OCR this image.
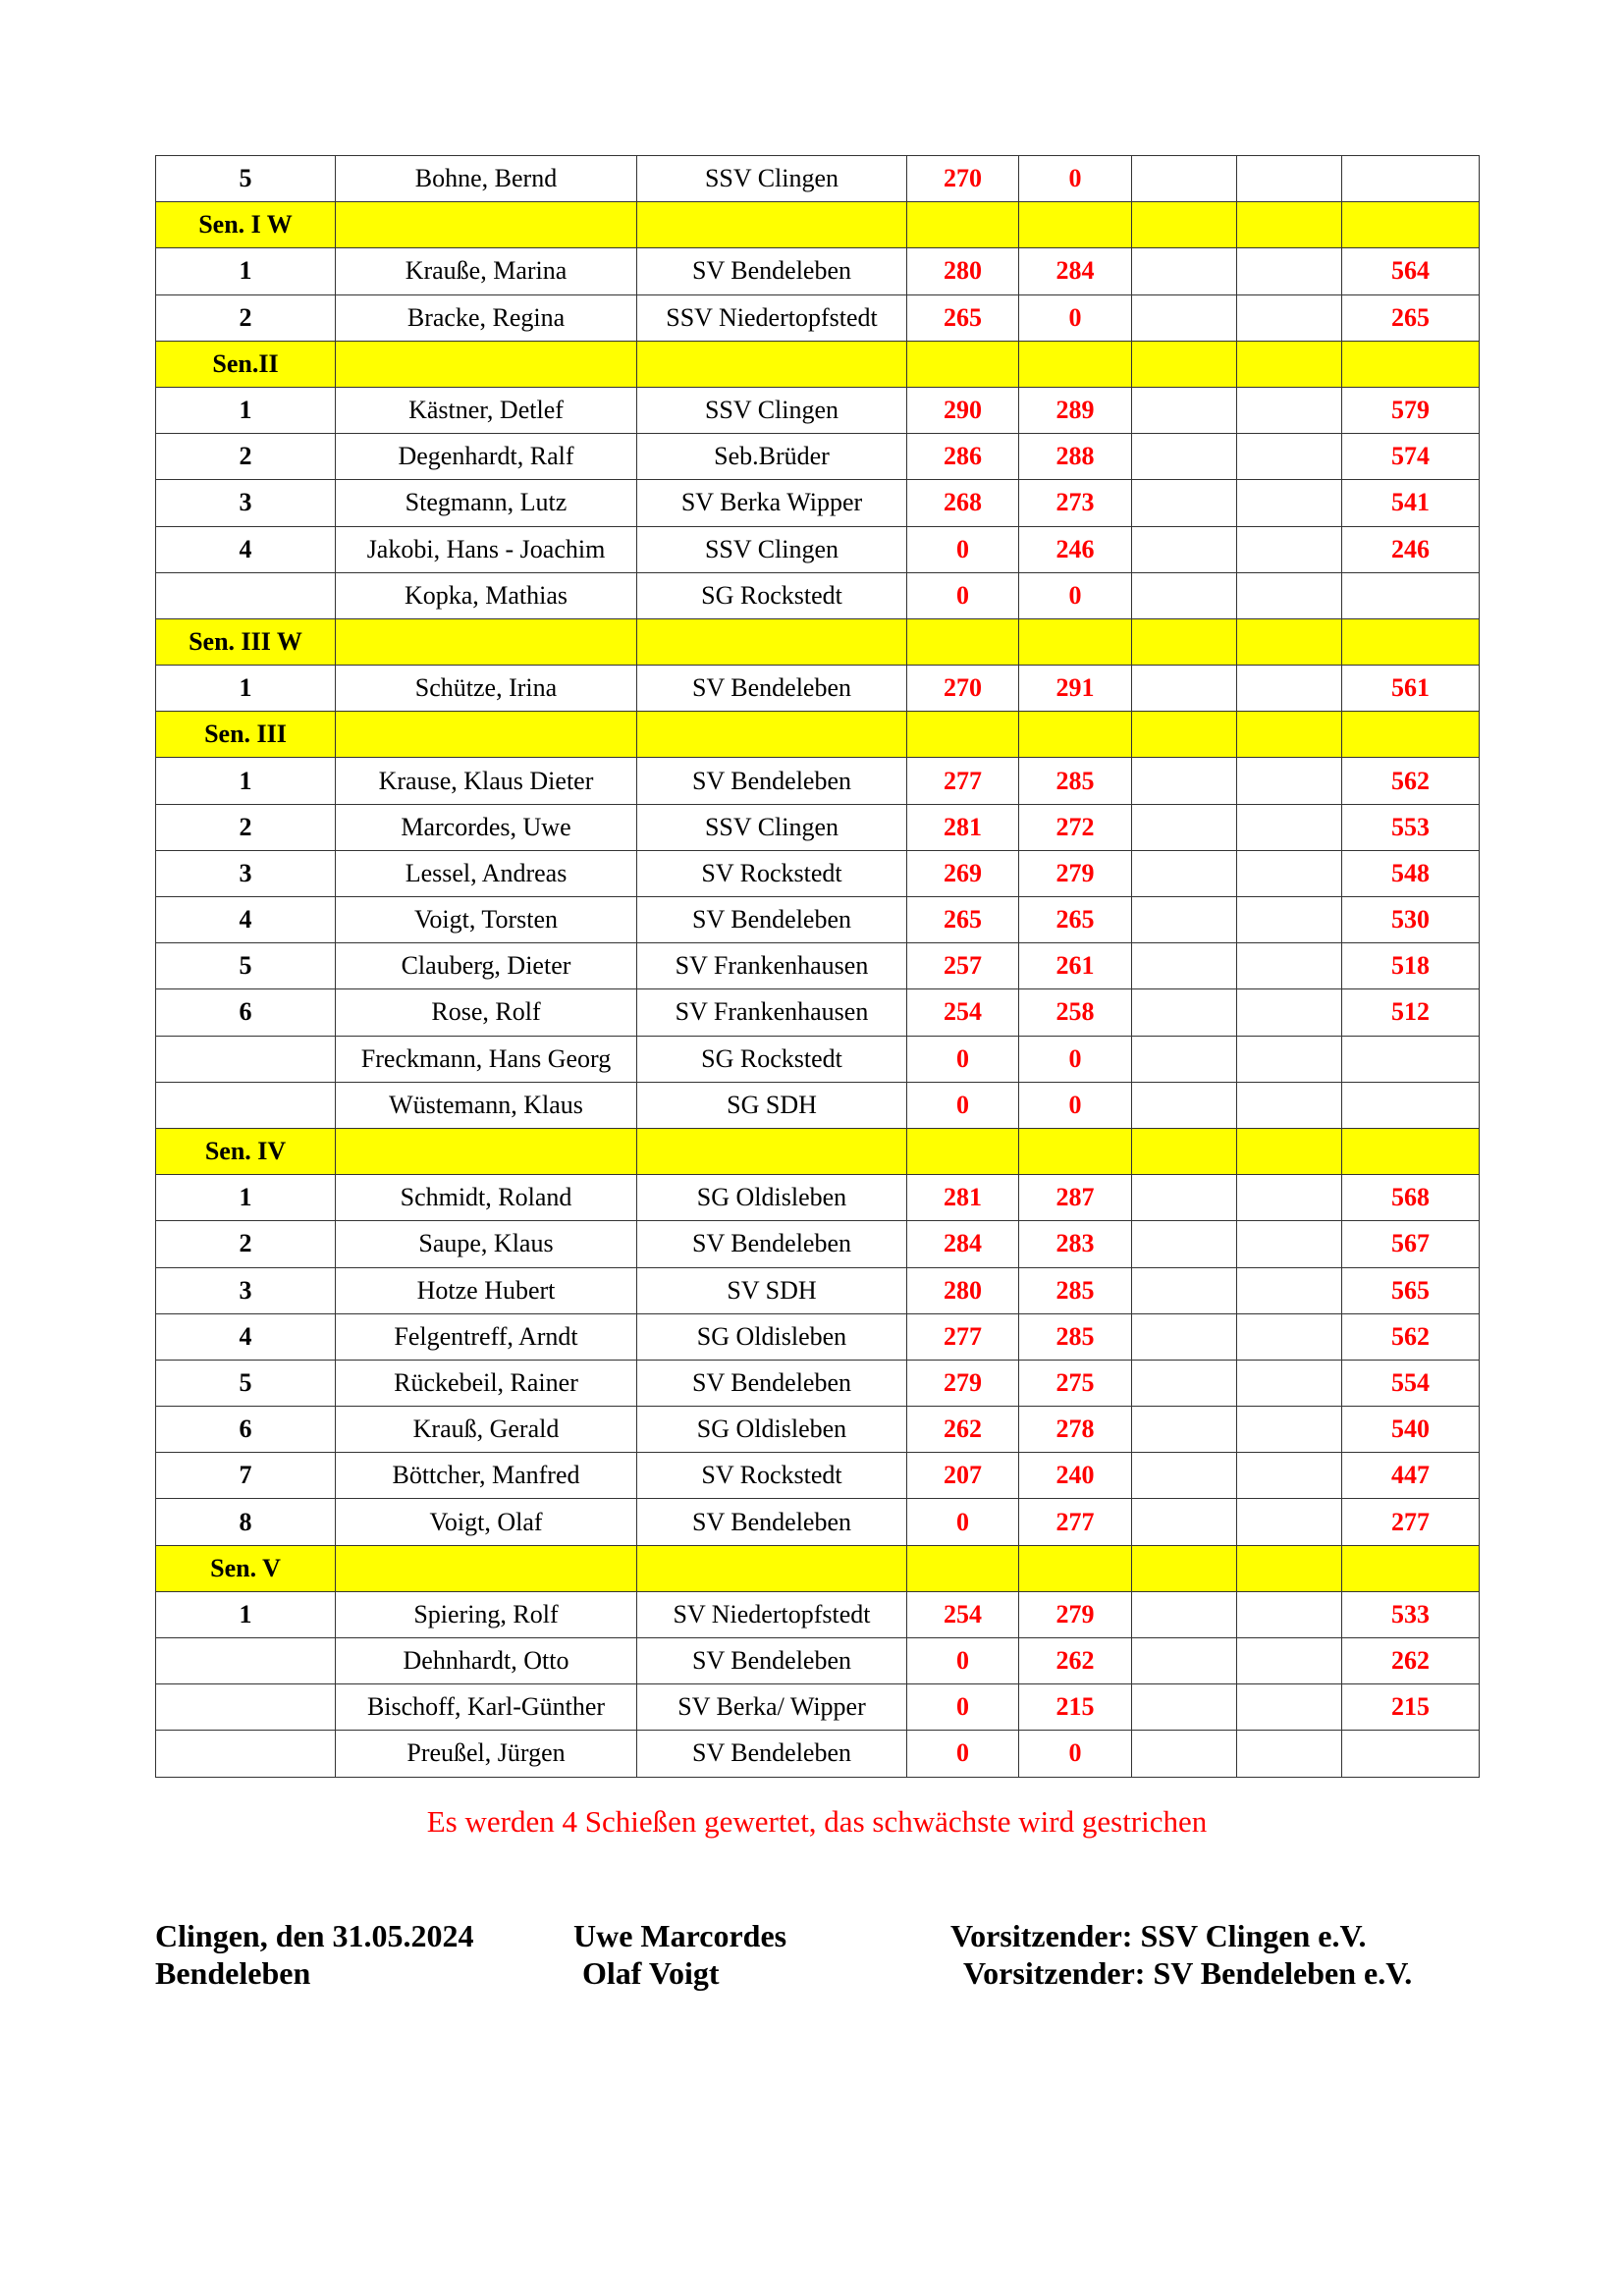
5	Bohne, Bernd	SSV Clingen	270	0			
Sen. I W							
1	Krauße, Marina	SV Bendeleben	280	284			564
2	Bracke, Regina	SSV Niedertopfstedt	265	0			265
Sen.II							
1	Kästner, Detlef	SSV Clingen	290	289			579
2	Degenhardt, Ralf	Seb.Brüder	286	288			574
3	Stegmann, Lutz	SV Berka Wipper	268	273			541
4	Jakobi, Hans - Joachim	SSV Clingen	0	246			246
	Kopka, Mathias	SG Rockstedt	0	0			
Sen. III W							
1	Schütze, Irina	SV Bendeleben	270	291			561
Sen. III							
1	Krause, Klaus Dieter	SV Bendeleben	277	285			562
2	Marcordes, Uwe	SSV Clingen	281	272			553
3	Lessel, Andreas	SV Rockstedt	269	279			548
4	Voigt, Torsten	SV Bendeleben	265	265			530
5	Clauberg, Dieter	SV Frankenhausen	257	261			518
6	Rose, Rolf	SV Frankenhausen	254	258			512
	Freckmann, Hans Georg	SG Rockstedt	0	0			
	Wüstemann, Klaus	SG SDH	0	0			
Sen. IV							
1	Schmidt, Roland	SG Oldisleben	281	287			568
2	Saupe, Klaus	SV Bendeleben	284	283			567
3	Hotze Hubert	SV SDH	280	285			565
4	Felgentreff, Arndt	SG Oldisleben	277	285			562
5	Rückebeil, Rainer	SV Bendeleben	279	275			554
6	Krauß, Gerald	SG Oldisleben	262	278			540
7	Böttcher, Manfred	SV Rockstedt	207	240			447
8	Voigt, Olaf	SV Bendeleben	0	277			277
Sen. V							
1	Spiering, Rolf	SV Niedertopfstedt	254	279			533
	Dehnhardt, Otto	SV Bendeleben	0	262			262
	Bischoff, Karl-Günther	SV Berka/ Wipper	0	215			215
	Preußel, Jürgen	SV Bendeleben	0	0			
Es werden 4 Schießen gewertet, das schwächste wird gestrichen
Clingen, den 31.05.2024	Uwe Marcordes	Vorsitzender: SSV Clingen e.V.
Bendeleben	Olaf Voigt	Vorsitzender: SV Bendeleben e.V.
